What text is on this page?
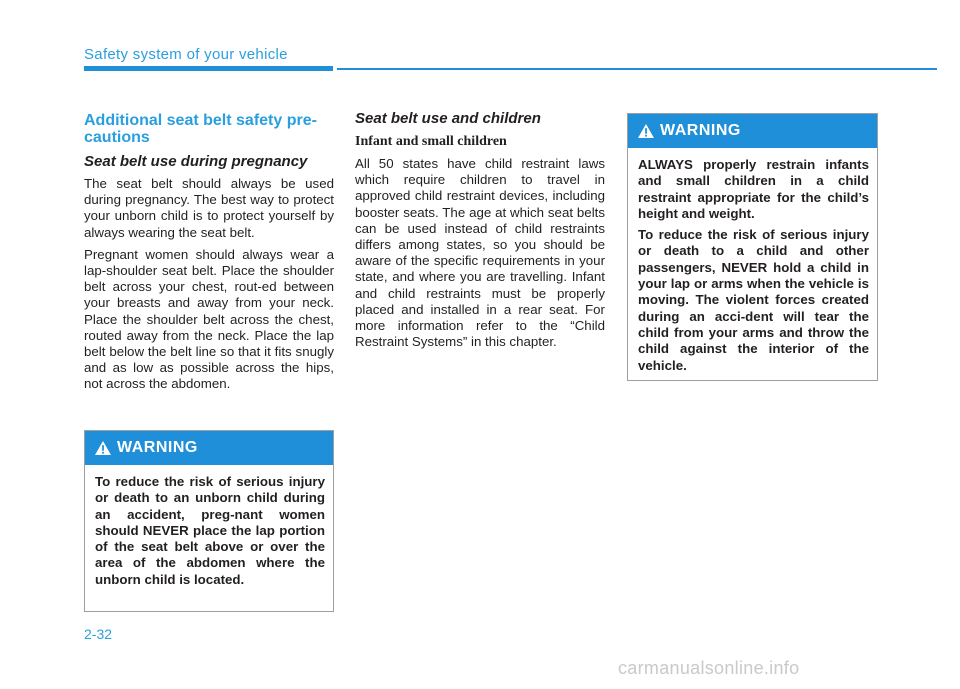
Safety system of your vehicle
Additional seat belt safety pre-cautions
Seat belt use during pregnancy

The seat belt should always be used during pregnancy. The best way to protect your unborn child is to protect yourself by always wearing the seat belt.

Pregnant women should always wear a lap-shoulder seat belt. Place the shoulder belt across your chest, rout-ed between your breasts and away from your neck. Place the shoulder belt across the chest, routed away from the neck. Place the lap belt below the belt line so that it fits snugly and as low as possible across the hips, not across the abdomen.

WARNING

To reduce the risk of serious injury or death to an unborn child during an accident, preg-nant women should NEVER place the lap portion of the seat belt above or over the area of the abdomen where the unborn child is located.

Seat belt use and children
Infant and small children

All 50 states have child restraint laws which require children to travel in approved child restraint devices, including booster seats. The age at which seat belts can be used instead of child restraints differs among states, so you should be aware of the specific requirements in your state, and where you are travelling. Infant and child restraints must be properly placed and installed in a rear seat. For more information refer to the “Child Restraint Systems” in this chapter.

WARNING

ALWAYS properly restrain infants and small children in a child restraint appropriate for the child’s height and weight.

To reduce the risk of serious injury or death to a child and other passengers, NEVER hold a child in your lap or arms when the vehicle is moving. The violent forces created during an acci-dent will tear the child from your arms and throw the child against the interior of the vehicle.

2-32
carmanualsonline.info
